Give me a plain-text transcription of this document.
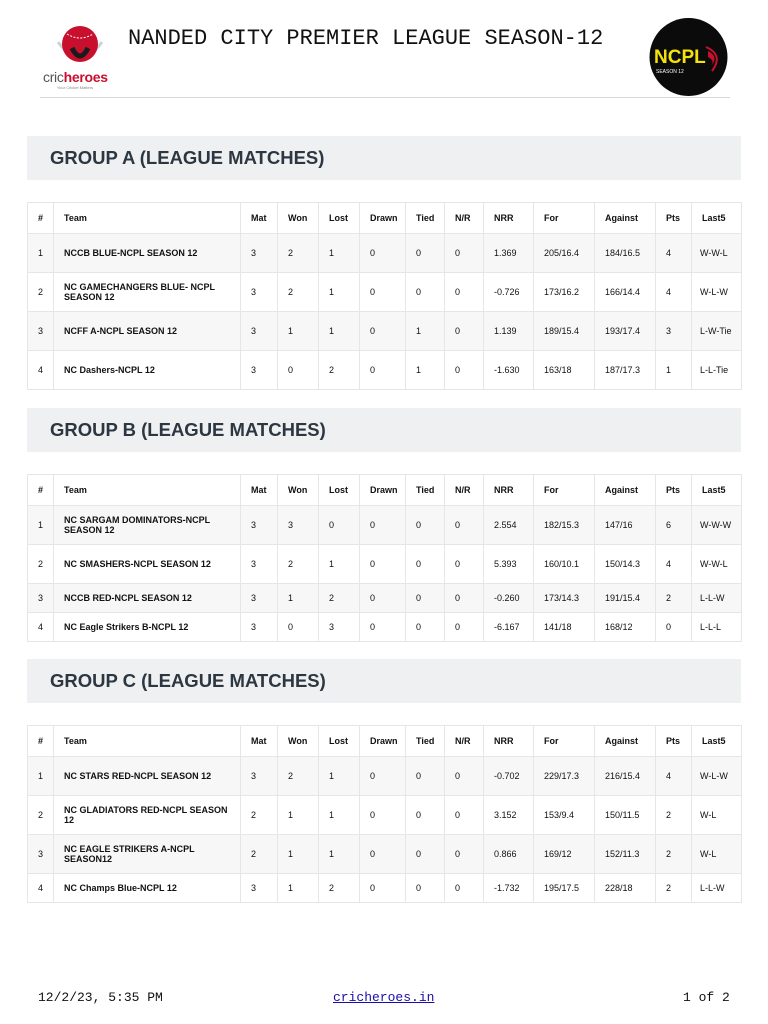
cricheroes
Your Cricket Matters
NANDED CITY PREMIER LEAGUE SEASON-12
NCPL
SEASON 12
GROUP A (LEAGUE MATCHES)
#	Team	Mat	Won	Lost	Drawn	Tied	N/R	NRR	For	Against	Pts	Last5
1	NCCB BLUE-NCPL SEASON 12	3	2	1	0	0	0	1.369	205/16.4	184/16.5	4	W-W-L
2	NC GAMECHANGERS BLUE- NCPL SEASON 12	3	2	1	0	0	0	-0.726	173/16.2	166/14.4	4	W-L-W
3	NCFF A-NCPL SEASON 12	3	1	1	0	1	0	1.139	189/15.4	193/17.4	3	L-W-Tie
4	NC Dashers-NCPL 12	3	0	2	0	1	0	-1.630	163/18	187/17.3	1	L-L-Tie
GROUP B (LEAGUE MATCHES)
#	Team	Mat	Won	Lost	Drawn	Tied	N/R	NRR	For	Against	Pts	Last5
1	NC SARGAM DOMINATORS-NCPL SEASON 12	3	3	0	0	0	0	2.554	182/15.3	147/16	6	W-W-W
2	NC SMASHERS-NCPL SEASON 12	3	2	1	0	0	0	5.393	160/10.1	150/14.3	4	W-W-L
3	NCCB RED-NCPL SEASON 12	3	1	2	0	0	0	-0.260	173/14.3	191/15.4	2	L-L-W
4	NC Eagle Strikers B-NCPL 12	3	0	3	0	0	0	-6.167	141/18	168/12	0	L-L-L
GROUP C (LEAGUE MATCHES)
#	Team	Mat	Won	Lost	Drawn	Tied	N/R	NRR	For	Against	Pts	Last5
1	NC STARS RED-NCPL SEASON 12	3	2	1	0	0	0	-0.702	229/17.3	216/15.4	4	W-L-W
2	NC GLADIATORS RED-NCPL SEASON 12	2	1	1	0	0	0	3.152	153/9.4	150/11.5	2	W-L
3	NC EAGLE STRIKERS A-NCPL SEASON12	2	1	1	0	0	0	0.866	169/12	152/11.3	2	W-L
4	NC Champs Blue-NCPL 12	3	1	2	0	0	0	-1.732	195/17.5	228/18	2	L-L-W
12/2/23, 5:35 PM	cricheroes.in	1 of 2
